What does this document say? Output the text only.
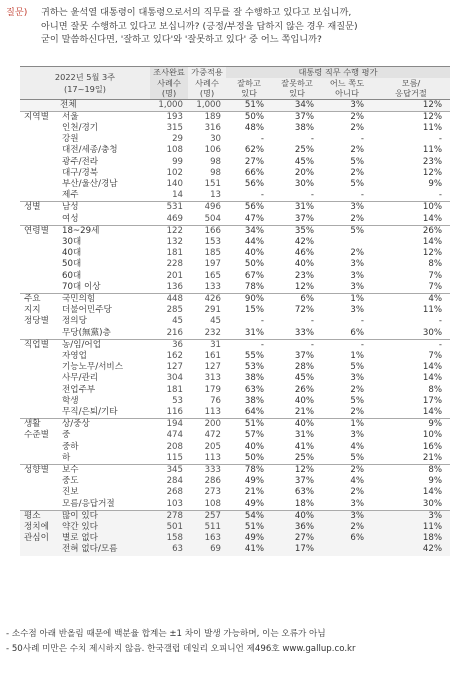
질문) 귀하는 윤석열 대통령이 대통령으로서의 직무를 잘 수행하고 있다고 보십니까,
아니면 잘못 수행하고 있다고 보십니까? (긍정/부정을 답하지 않은 경우 재질문)
굳이 말씀하신다면, '잘하고 있다'와 '잘못하고 있다' 중 어느 쪽입니까?
2022년 5월 3주
(17~19일)		조사완료	가중적용	대통령 직무 수행 평가			
		사례수	사례수	잘하고	잘못하고	어느 쪽도	모름/
		(명)	(명)	있다	있다	아니다	응답거절
	전체	1,000	1,000	51%	34%	3%	12%
지역별	서울	193	189	50%	37%	2%	12%
	인천/경기	315	316	48%	38%	2%	11%
	강원	29	30	-	-	-	-
	대전/세종/충청	108	106	62%	25%	2%	11%
	광주/전라	99	98	27%	45%	5%	23%
	대구/경북	102	98	66%	20%	2%	12%
	부산/울산/경남	140	151	56%	30%	5%	9%
	제주	14	13	-	-	-	-
성별	남성	531	496	56%	31%	3%	10%
	여성	469	504	47%	37%	2%	14%
연령별	18~29세	122	166	34%	35%	5%	26%
	30대	132	153	44%	42%		14%
	40대	181	185	40%	46%	2%	12%
	50대	228	197	50%	40%	3%	8%
	60대	201	165	67%	23%	3%	7%
	70대 이상	136	133	78%	12%	3%	7%
주요	국민의힘	448	426	90%	6%	1%	4%
지지	더불어민주당	285	291	15%	72%	3%	11%
정당별	정의당	45	45	-	-	-	-
	무당(無黨)층	216	232	31%	33%	6%	30%
직업별	농/임/어업	36	31	-	-	-	-
	자영업	162	161	55%	37%	1%	7%
	기능노무/서비스	127	127	53%	28%	5%	14%
	사무/관리	304	313	38%	45%	3%	14%
	전업주부	181	179	63%	26%	2%	8%
	학생	53	76	38%	40%	5%	17%
	무직/은퇴/기타	116	113	64%	21%	2%	14%
생활	상/중상	194	200	51%	40%	1%	9%
수준별	중	474	472	57%	31%	3%	10%
	중하	208	205	40%	41%	4%	16%
	하	115	113	50%	25%	5%	21%
성향별	보수	345	333	78%	12%	2%	8%
	중도	284	286	49%	37%	4%	9%
	진보	268	273	21%	63%	2%	14%
	모름/응답거절	103	108	49%	18%	3%	30%
평소	많이 있다	278	257	54%	40%	3%	3%
정치에	약간 있다	501	511	51%	36%	2%	11%
관심이	별로 없다	158	163	49%	27%	6%	18%
	전혀 없다/모름	63	69	41%	17%		42%
- 소수점 아래 반올림 때문에 백분율 합계는 ±1 차이 발생 가능하며, 이는 오류가 아님
- 50사례 미만은 수치 제시하지 않음. 한국갤럽 데일리 오피니언 제496호 www.gallup.co.kr
